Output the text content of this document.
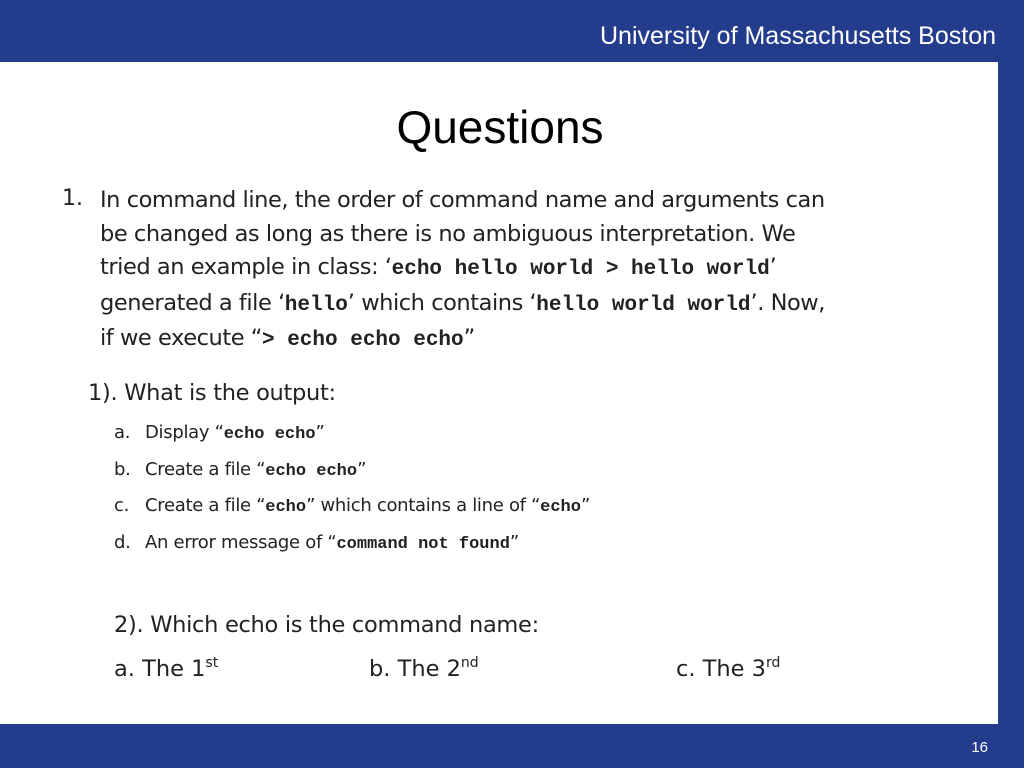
University of Massachusetts Boston
Questions
1. In command line, the order of command name and arguments can
be changed as long as there is no ambiguous interpretation. We
tried an example in class: ‘echo hello world > hello world’
generated a file ‘hello’ which contains ‘hello world world’. Now,
if we execute “> echo echo echo”
1). What is the output:
a. Display “echo echo”
b. Create a file “echo echo”
c. Create a file “echo” which contains a line of “echo”
d. An error message of “command not found”
2). Which echo is the command name:
a. The 1st	b. The 2nd	c. The 3rd
16
